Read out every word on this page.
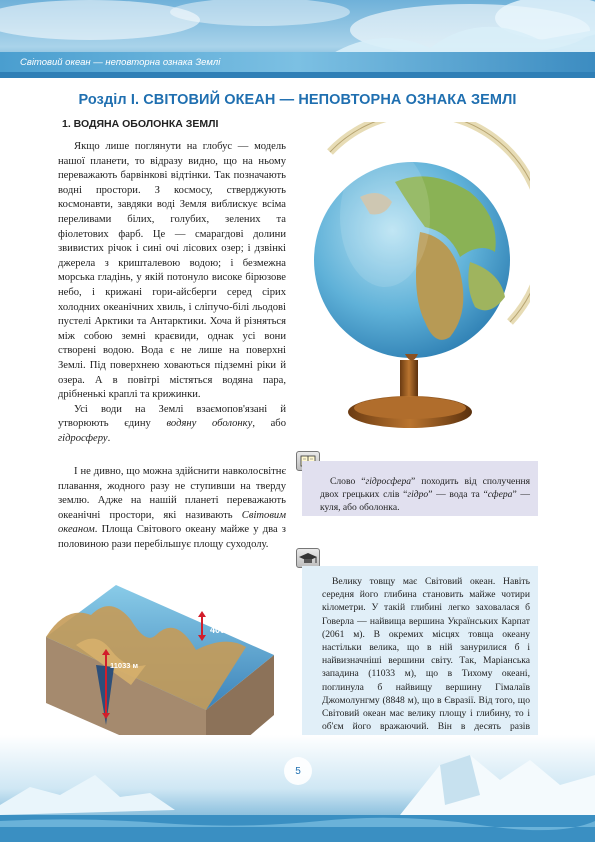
Світовий океан — неповторна ознака Землі
Розділ І. СВІТОВИЙ ОКЕАН — НЕПОВТОРНА ОЗНАКА ЗЕМЛІ
1. ВОДЯНА ОБОЛОНКА ЗЕМЛІ

Якщо лише поглянути на глобус — модель нашої планети, то відразу видно, що на ньому переважають барвінкові відтінки. Так позначають водні простори. З космосу, стверджують космонавти, завдяки воді Земля виблискує всіма переливами білих, голубих, зелених та фіолетових фарб. Це — смарагдові долини звивистих річок і сині очі лісових озер; і дзвінкі джерела з кришталевою водою; і безмежна морська гладінь, у якій потонуло високе бірюзове небо, і крижані гори-айсберги серед сірих холодних океанічних хвиль, і сліпучо-білі льодові пустелі Арктики та Антарктики. Хоча й різняться між собою земні краєвиди, однак усі вони створені водою. Вода є не лише на поверхні Землі. Під поверхнею ховаються підземні ріки й озера. А в повітрі містяться водяна пара, дрібненькі краплі та крижинки.

Усі води на Землі взаємопов'язані й утворюють єдину водяну оболонку, або гідросферу.

І не дивно, що можна здійснити навколосвітнє плавання, жодного разу не ступивши на тверду землю. Адже на нашій планеті переважають океанічні простори, які називають Світовим океаном. Площа Світового океану майже у два з половиною рази перебільшує площу суходолу.

Слово “гідросфера” походить від сполучення двох грецьких слів “гідро” — вода та “сфера” — куля, або оболонка.

Велику товщу має Світовий океан. Навіть середня його глибина становить майже чотири кілометри. У такій глибині легко заховалася б Говерла — найвища вершина Українських Карпат (2061 м). В окремих місцях товща океану настільки велика, що в ній занурилися б і найвизначніші вершини світу. Так, Маріанська западина (11033 м), що в Тихому океані, поглинула б найвищу вершину Гімалаїв Джомолунгму (8848 м), що в Євразії. Від того, що Світовий океан має велику площу і глибину, то і об'єм його вражаючий. Він в десять разів

4000 м
11033 м
5
